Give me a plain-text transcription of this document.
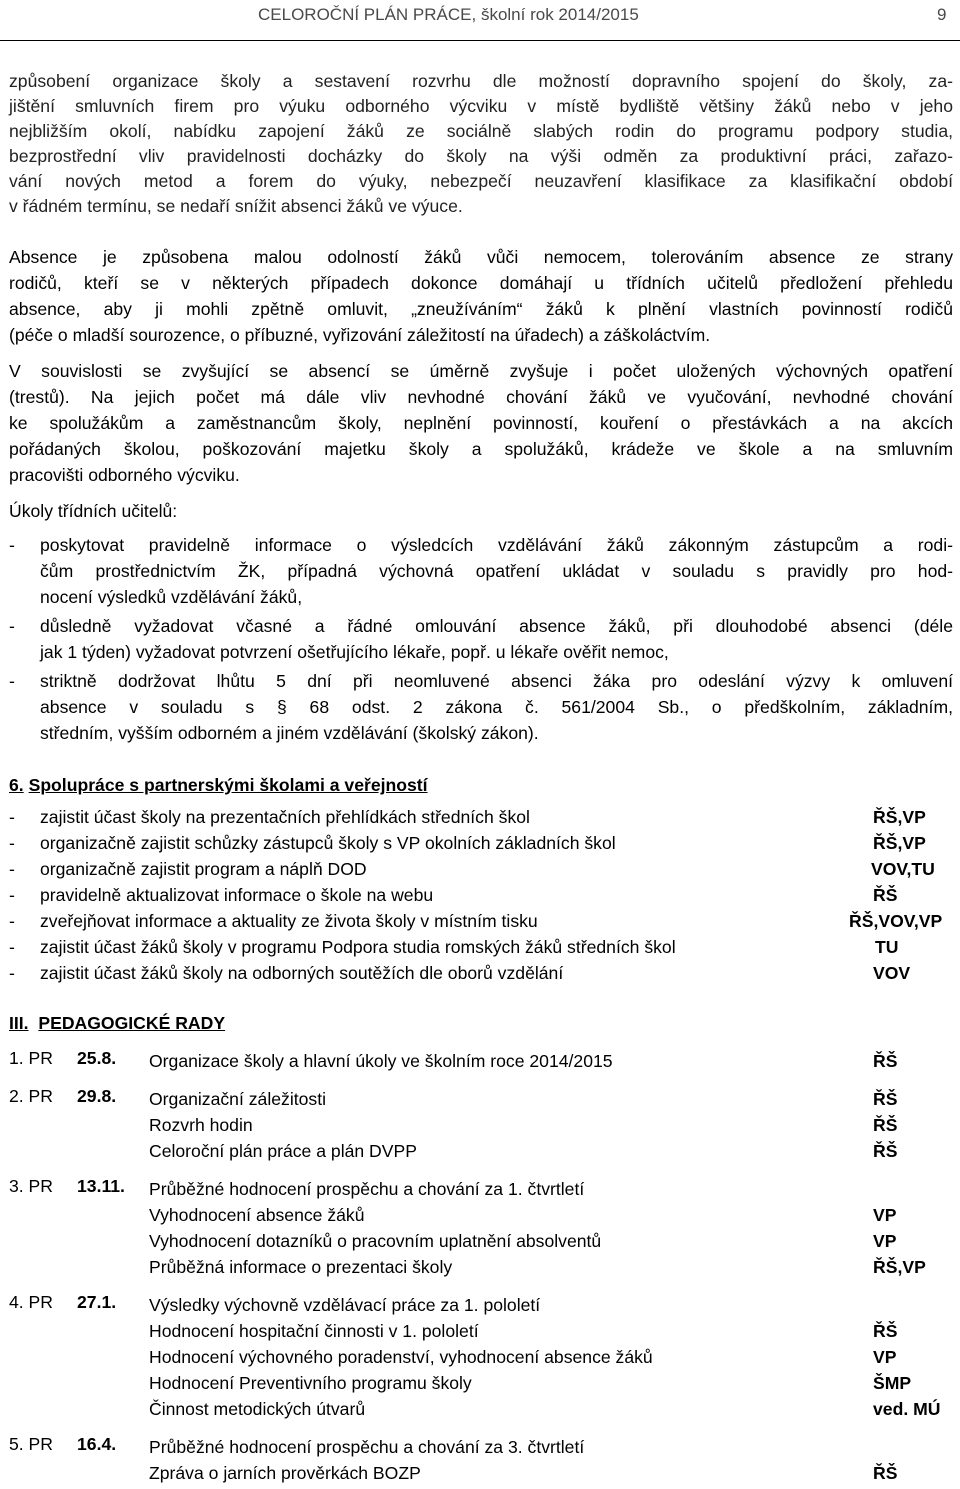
CELOROČNÍ PLÁN PRÁCE, školní rok 2014/2015	9
způsobení organizace školy a sestavení rozvrhu dle možností dopravního spojení do školy, za-
jištění smluvních firem pro výuku odborného výcviku v místě bydliště většiny žáků nebo v jeho
nejbližším okolí, nabídku zapojení žáků ze sociálně slabých rodin do programu podpory studia,
bezprostřední vliv pravidelnosti docházky do školy na výši odměn za produktivní práci, zařazo-
vání nových metod a forem do výuky, nebezpečí neuzavření klasifikace za klasifikační období
v řádném termínu, se nedaří snížit absenci žáků ve výuce.
Absence je způsobena malou odolností žáků vůči nemocem, tolerováním absence ze strany
rodičů, kteří se v některých případech dokonce domáhají u třídních učitelů předložení přehledu
absence, aby ji mohli zpětně omluvit, „zneužíváním“ žáků k plnění vlastních povinností rodičů
(péče o mladší sourozence, o příbuzné, vyřizování záležitostí na úřadech) a záškoláctvím.
V souvislosti se zvyšující se absencí se úměrně zvyšuje i počet uložených výchovných opatření
(trestů). Na jejich počet má dále vliv nevhodné chování žáků ve vyučování, nevhodné chování
ke spolužákům a zaměstnancům školy, neplnění povinností, kouření o přestávkách a na akcích
pořádaných školou, poškozování majetku školy a spolužáků, krádeže ve škole a na smluvním
pracovišti odborného výcviku.
Úkoly třídních učitelů:
- poskytovat pravidelně informace o výsledcích vzdělávání žáků zákonným zástupcům a rodi-
čům prostřednictvím ŽK, případná výchovná opatření ukládat v souladu s pravidly pro hod-
nocení výsledků vzdělávání žáků,
- důsledně vyžadovat včasné a řádné omlouvání absence žáků, při dlouhodobé absenci (déle
jak 1 týden) vyžadovat potvrzení ošetřujícího lékaře, popř. u lékaře ověřit nemoc,
- striktně dodržovat lhůtu 5 dní při neomluvené absenci žáka pro odeslání výzvy k omluvení
absence v souladu s § 68 odst. 2 zákona č. 561/2004 Sb., o předškolním, základním,
středním, vyšším odborném a jiném vzdělávání (školský zákon).
6. Spolupráce s partnerskými školami a veřejností
- zajistit účast školy na prezentačních přehlídkách středních škol	ŘŠ,VP
- organizačně zajistit schůzky zástupců školy s VP okolních základních škol	ŘŠ,VP
- organizačně zajistit program a náplň DOD	VOV,TU
- pravidelně aktualizovat informace o škole na webu	ŘŠ
- zveřejňovat informace a aktuality ze života školy v místním tisku	ŘŠ,VOV,VP
- zajistit účast žáků školy v programu Podpora studia romských žáků středních škol	TU
- zajistit účast žáků školy na odborných soutěžích dle oborů vzdělání	VOV
III. PEDAGOGICKÉ RADY
1. PR 25.8. Organizace školy a hlavní úkoly ve školním roce 2014/2015	ŘŠ
2. PR 29.8. Organizační záležitosti	ŘŠ
Rozvrh hodin	ŘŠ
Celoroční plán práce a plán DVPP	ŘŠ
3. PR 13.11. Průběžné hodnocení prospěchu a chování za 1. čtvrtletí
Vyhodnocení absence žáků	VP
Vyhodnocení dotazníků o pracovním uplatnění absolventů	VP
Průběžná informace o prezentaci školy	ŘŠ,VP
4. PR 27.1. Výsledky výchovně vzdělávací práce za 1. pololetí
Hodnocení hospitační činnosti v 1. pololetí	ŘŠ
Hodnocení výchovného poradenství, vyhodnocení absence žáků	VP
Hodnocení Preventivního programu školy	ŠMP
Činnost metodických útvarů	ved. MÚ
5. PR 16.4. Průběžné hodnocení prospěchu a chování za 3. čtvrtletí
Zpráva o jarních prověrkách BOZP	ŘŠ
